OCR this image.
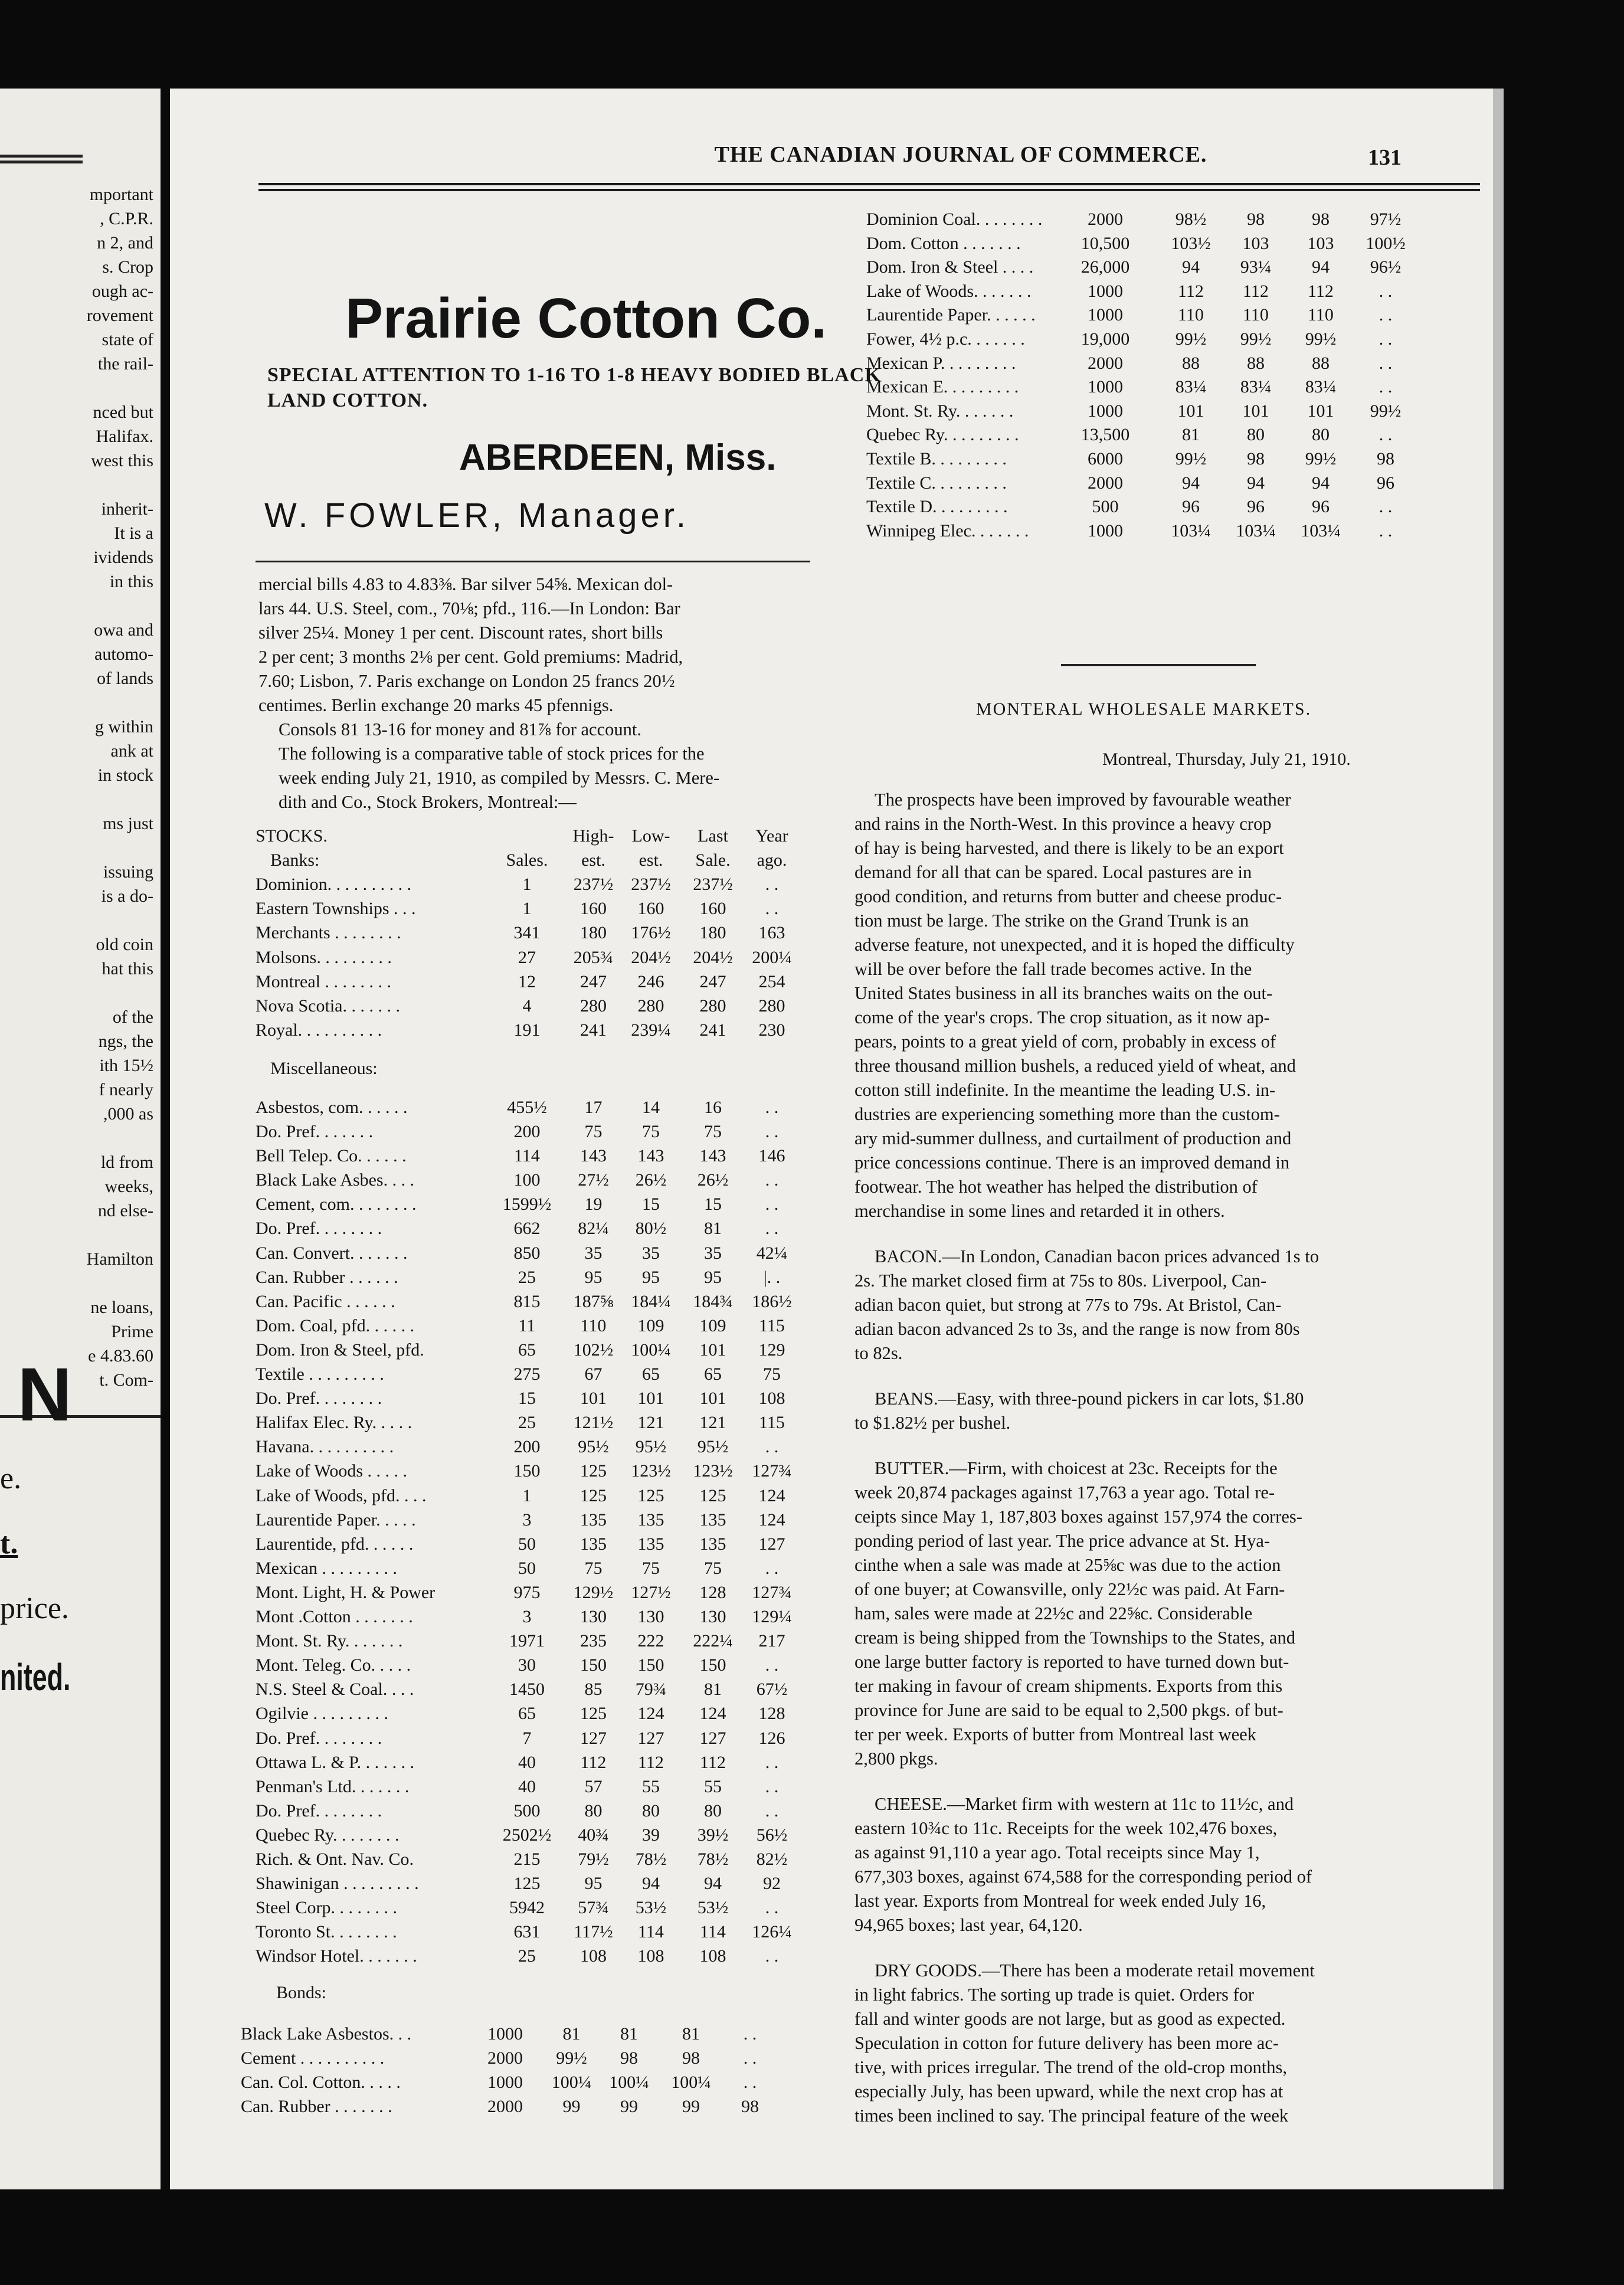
mportant
, C.P.R.
n 2, and
s. Crop
ough ac-
rovement
state of
the rail-
nced but
Halifax.
west this
inherit-
It is a
ividends
in this
owa and
automo-
of lands
g within
ank at
in stock
ms just
issuing
is a do-
old coin
hat this
of the
ngs, the
ith 15½
f nearly
,000 as
ld from
weeks,
nd else-
Hamilton
ne loans,
Prime
e 4.83.60
t. Com-
N
e.
t.
price.
nited.
THE CANADIAN JOURNAL OF COMMERCE.	131
Prairie Cotton Co.
SPECIAL ATTENTION TO 1-16 TO 1-8 HEAVY BODIED BLACK LAND COTTON.
ABERDEEN, Miss.
W. FOWLER, Manager.

mercial bills 4.83 to 4.83⅜. Bar silver 54⅝. Mexican dol-

lars 44. U.S. Steel, com., 70⅛; pfd., 116.—In London: Bar

silver 25¼. Money 1 per cent. Discount rates, short bills

2 per cent; 3 months 2⅛ per cent. Gold premiums: Madrid,

7.60; Lisbon, 7. Paris exchange on London 25 francs 20½

centimes. Berlin exchange 20 marks 45 pfennigs.

Consols 81 13-16 for money and 81⅞ for account.

The following is a comparative table of stock prices for the

week ending July 21, 1910, as compiled by Messrs. C. Mere-

dith and Co., Stock Brokers, Montreal:—

STOCKS.	High-	Low-	Last	Year
Banks:	Sales.	est.	est.	Sale.	ago.
Dominion. . . . . . . . . .	1	237½	237½	237½	. .
Eastern Townships . . .	1	160	160	160	. .
Merchants . . . . . . . .	341	180	176½	180	163
Molsons. . . . . . . . .	27	205¾	204½	204½	200¼
Montreal . . . . . . . .	12	247	246	247	254
Nova Scotia. . . . . . .	4	280	280	280	280
Royal. . . . . . . . . .	191	241	239¼	241	230
Miscellaneous:
Asbestos, com. . . . . .	455½	17	14	16	. .
Do. Pref. . . . . . .	200	75	75	75	. .
Bell Telep. Co. . . . . .	114	143	143	143	146
Black Lake Asbes. . . .	100	27½	26½	26½	. .
Cement, com. . . . . . . .	1599½	19	15	15	. .
Do. Pref. . . . . . . .	662	82¼	80½	81	. .
Can. Convert. . . . . . .	850	35	35	35	42¼
Can. Rubber . . . . . .	25	95	95	95	|. .
Can. Pacific . . . . . .	815	187⅝	184¼	184¾	186½
Dom. Coal, pfd. . . . . .	11	110	109	109	115
Dom. Iron & Steel, pfd.	65	102½	100¼	101	129
Textile . . . . . . . . .	275	67	65	65	75
Do. Pref. . . . . . . .	15	101	101	101	108
Halifax Elec. Ry. . . . .	25	121½	121	121	115
Havana. . . . . . . . . .	200	95½	95½	95½	. .
Lake of Woods . . . . .	150	125	123½	123½	127¾
Lake of Woods, pfd. . . .	1	125	125	125	124
Laurentide Paper. . . . .	3	135	135	135	124
Laurentide, pfd. . . . . .	50	135	135	135	127
Mexican . . . . . . . . .	50	75	75	75	. .
Mont. Light, H. & Power	975	129½	127½	128	127¾
Mont .Cotton . . . . . . .	3	130	130	130	129¼
Mont. St. Ry. . . . . . .	1971	235	222	222¼	217
Mont. Teleg. Co. . . . .	30	150	150	150	. .
N.S. Steel & Coal. . . .	1450	85	79¾	81	67½
Ogilvie . . . . . . . . .	65	125	124	124	128
Do. Pref. . . . . . . .	7	127	127	127	126
Ottawa L. & P. . . . . . .	40	112	112	112	. .
Penman's Ltd. . . . . . .	40	57	55	55	. .
Do. Pref. . . . . . . .	500	80	80	80	. .
Quebec Ry. . . . . . . .	2502½	40¾	39	39½	56½
Rich. & Ont. Nav. Co.	215	79½	78½	78½	82½
Shawinigan . . . . . . . . .	125	95	94	94	92
Steel Corp. . . . . . . .	5942	57¾	53½	53½	. .
Toronto St. . . . . . . .	631	117½	114	114	126¼
Windsor Hotel. . . . . . .	25	108	108	108	. .
Bonds:
Black Lake Asbestos. . .	1000	81	81	81	. .
Cement . . . . . . . . . .	2000	99½	98	98	. .
Can. Col. Cotton. . . . .	1000	100¼	100¼	100¼	. .
Can. Rubber . . . . . . .	2000	99	99	99	98
Dominion Coal. . . . . . . .	2000	98½	98	98	97½
Dom. Cotton . . . . . . .	10,500	103½	103	103	100½
Dom. Iron & Steel . . . .	26,000	94	93¼	94	96½
Lake of Woods. . . . . . .	1000	112	112	112	. .
Laurentide Paper. . . . . .	1000	110	110	110	. .
Fower, 4½ p.c. . . . . . .	19,000	99½	99½	99½	. .
Mexican P. . . . . . . . .	2000	88	88	88	. .
Mexican E. . . . . . . . .	1000	83¼	83¼	83¼	. .
Mont. St. Ry. . . . . . .	1000	101	101	101	99½
Quebec Ry. . . . . . . . .	13,500	81	80	80	. .
Textile B. . . . . . . . .	6000	99½	98	99½	98
Textile C. . . . . . . . .	2000	94	94	94	96
Textile D. . . . . . . . .	500	96	96	96	. .
Winnipeg Elec. . . . . . .	1000	103¼	103¼	103¼	. .
MONTERAL WHOLESALE MARKETS.
Montreal, Thursday, July 21, 1910.
The prospects have been improved by favourable weather
and rains in the North-West. In this province a heavy crop
of hay is being harvested, and there is likely to be an export
demand for all that can be spared. Local pastures are in
good condition, and returns from butter and cheese produc-
tion must be large. The strike on the Grand Trunk is an
adverse feature, not unexpected, and it is hoped the difficulty
will be over before the fall trade becomes active. In the
United States business in all its branches waits on the out-
come of the year's crops. The crop situation, as it now ap-
pears, points to a great yield of corn, probably in excess of
three thousand million bushels, a reduced yield of wheat, and
cotton still indefinite. In the meantime the leading U.S. in-
dustries are experiencing something more than the custom-
ary mid-summer dullness, and curtailment of production and
price concessions continue. There is an improved demand in
footwear. The hot weather has helped the distribution of
merchandise in some lines and retarded it in others.
BACON.—In London, Canadian bacon prices advanced 1s to
2s. The market closed firm at 75s to 80s. Liverpool, Can-
adian bacon quiet, but strong at 77s to 79s. At Bristol, Can-
adian bacon advanced 2s to 3s, and the range is now from 80s
to 82s.
BEANS.—Easy, with three-pound pickers in car lots, $1.80
to $1.82½ per bushel.
BUTTER.—Firm, with choicest at 23c. Receipts for the
week 20,874 packages against 17,763 a year ago. Total re-
ceipts since May 1, 187,803 boxes against 157,974 the corres-
ponding period of last year. The price advance at St. Hya-
cinthe when a sale was made at 25⅝c was due to the action
of one buyer; at Cowansville, only 22½c was paid. At Farn-
ham, sales were made at 22½c and 22⅝c. Considerable
cream is being shipped from the Townships to the States, and
one large butter factory is reported to have turned down but-
ter making in favour of cream shipments. Exports from this
province for June are said to be equal to 2,500 pkgs. of but-
ter per week. Exports of butter from Montreal last week
2,800 pkgs.
CHEESE.—Market firm with western at 11c to 11½c, and
eastern 10¾c to 11c. Receipts for the week 102,476 boxes,
as against 91,110 a year ago. Total receipts since May 1,
677,303 boxes, against 674,588 for the corresponding period of
last year. Exports from Montreal for week ended July 16,
94,965 boxes; last year, 64,120.
DRY GOODS.—There has been a moderate retail movement
in light fabrics. The sorting up trade is quiet. Orders for
fall and winter goods are not large, but as good as expected.
Speculation in cotton for future delivery has been more ac-
tive, with prices irregular. The trend of the old-crop months,
especially July, has been upward, while the next crop has at
times been inclined to say. The principal feature of the week
